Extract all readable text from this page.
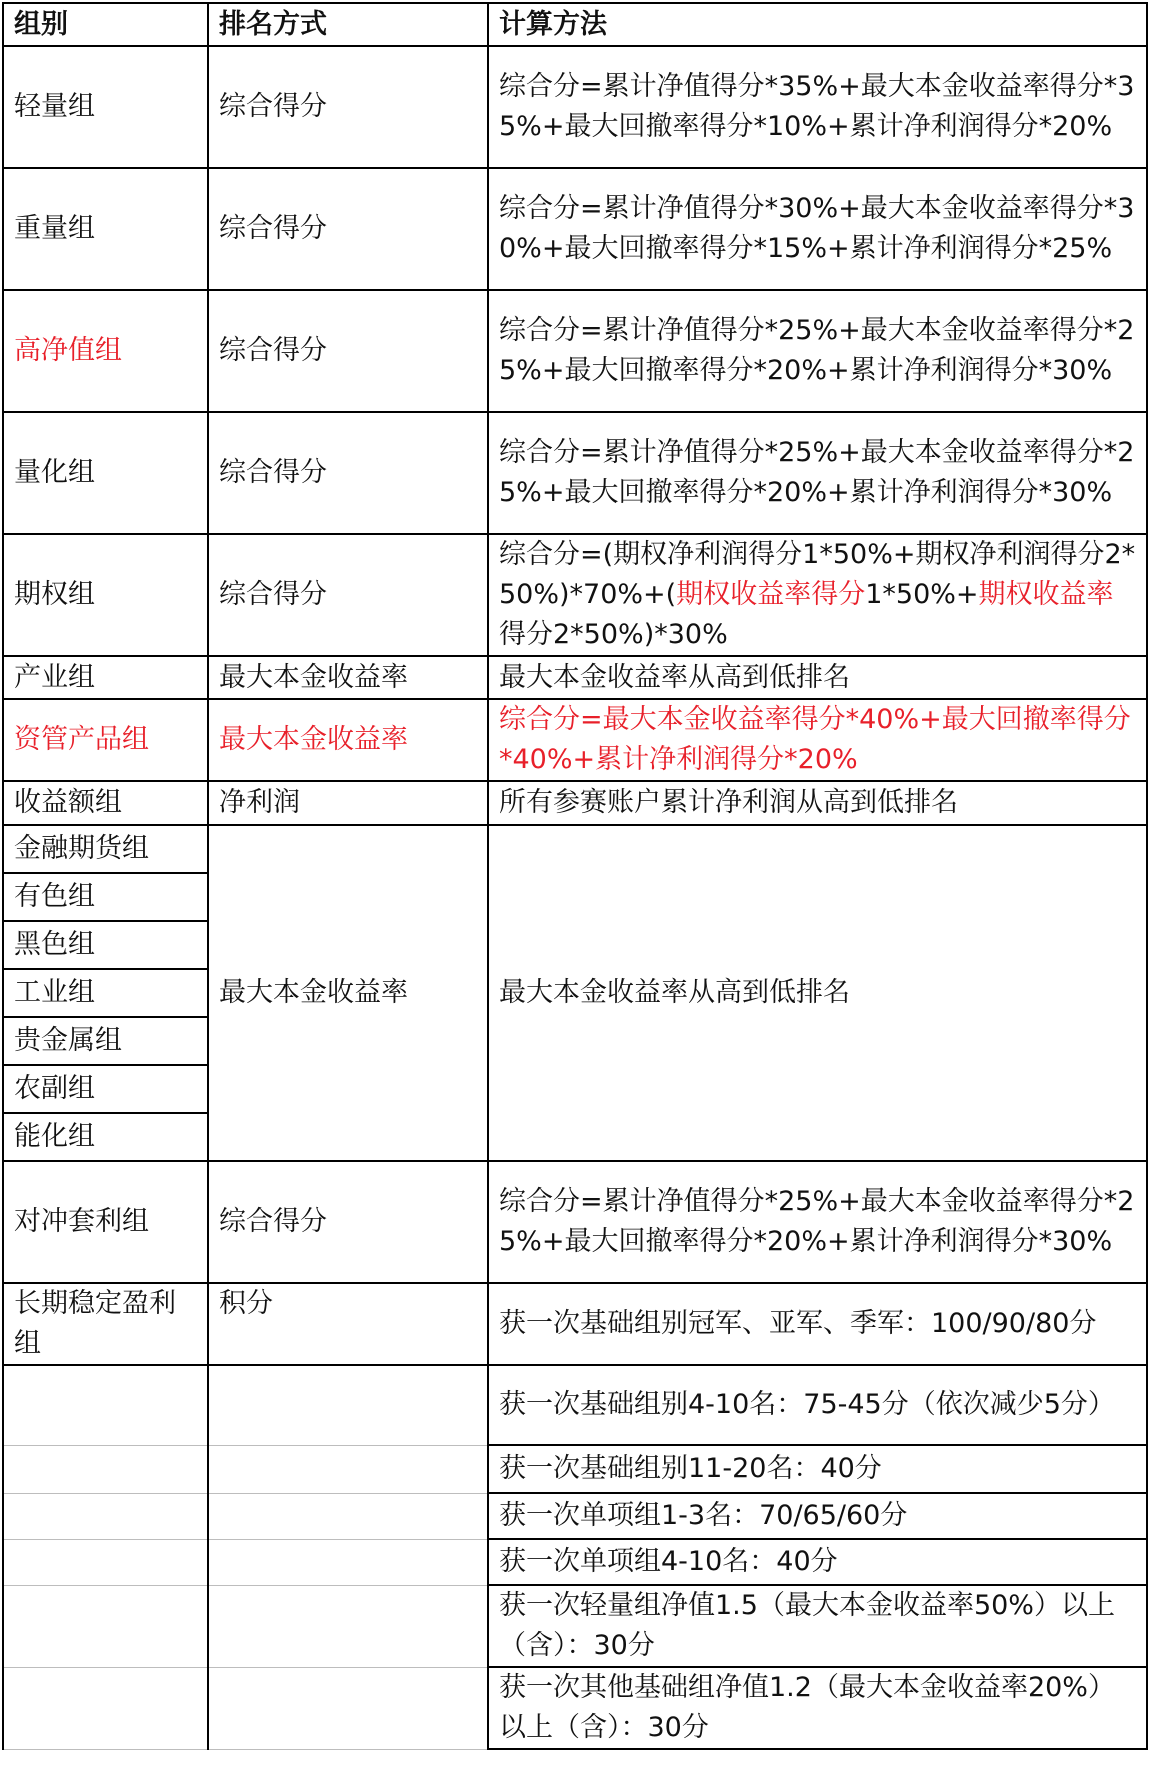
组别	排名方式	计算方法
轻量组	综合得分	综合分=累计净值得分*35%+最大本金收益率得分*35%+最大回撤率得分*10%+累计净利润得分*20%
重量组	综合得分	综合分=累计净值得分*30%+最大本金收益率得分*30%+最大回撤率得分*15%+累计净利润得分*25%
高净值组	综合得分	综合分=累计净值得分*25%+最大本金收益率得分*25%+最大回撤率得分*20%+累计净利润得分*30%
量化组	综合得分	综合分=累计净值得分*25%+最大本金收益率得分*25%+最大回撤率得分*20%+累计净利润得分*30%
期权组	综合得分	综合分=(期权净利润得分1*50%+期权净利润得分2*50%)*70%+(期权收益率得分1*50%+期权收益率得分2*50%)*30%
产业组	最大本金收益率	最大本金收益率从高到低排名
资管产品组	最大本金收益率	综合分=最大本金收益率得分*40%+最大回撤率得分*40%+累计净利润得分*20%
收益额组	净利润	所有参赛账户累计净利润从高到低排名
金融期货组	最大本金收益率	最大本金收益率从高到低排名
有色组		
黑色组		
工业组		
贵金属组		
农副组		
能化组		
对冲套利组	综合得分	综合分=累计净值得分*25%+最大本金收益率得分*25%+最大回撤率得分*20%+累计净利润得分*30%
长期稳定盈利组	积分	获一次基础组别冠军、亚军、季军：100/90/80分
		获一次基础组别4-10名：75-45分（依次减少5分）
		获一次基础组别11-20名：40分
		获一次单项组1-3名：70/65/60分
		获一次单项组4-10名：40分
		获一次轻量组净值1.5（最大本金收益率50%）以上（含）：30分
		获一次其他基础组净值1.2（最大本金收益率20%）以上（含）：30分
